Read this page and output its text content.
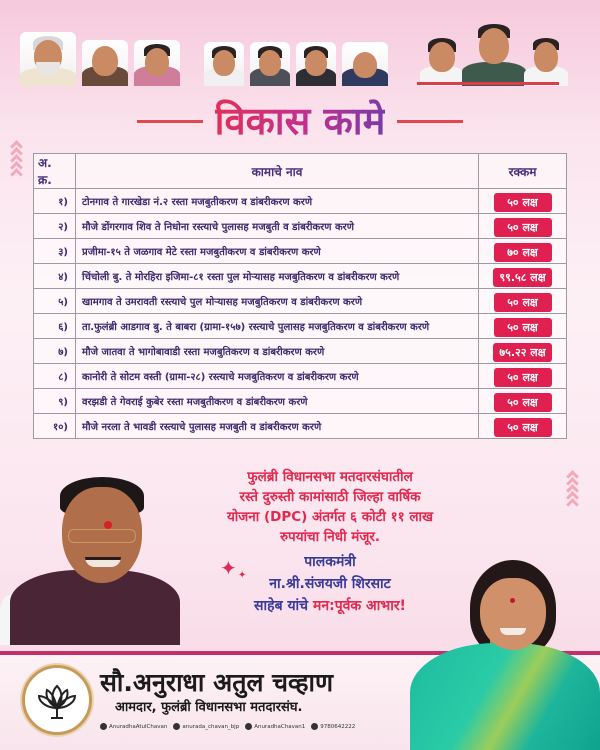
विकास कामे
अ. क्र.	कामाचे नाव	रक्कम
१)	टोनगाव ते गारखेडा नं.२ रस्ता मजबुतीकरण व डांबरीकरण करणे	५० लक्ष
२)	मौजे डोंगरगाव शिव ते निधोना रस्त्याचे पुलासह मजबुती व डांबरीकरण करणे	५० लक्ष
३)	प्रजीमा-१५ ते जळगाव मेटे रस्ता मजबुतीकरण व डांबरीकरण करणे	७० लक्ष
४)	चिंचोली बु. ते मोरहिरा इजिमा-८१ रस्ता पुल मोऱ्यासह मजबुतिकरण व डांबरीकरण करणे	९९.५८ लक्ष
५)	खामगाव ते उमरावती रस्त्याचे पुल मोऱ्यासह मजबुतिकरण व डांबरीकरण करणे	५० लक्ष
६)	ता.फुलंब्री आडगाव बु. ते बाबरा (ग्रामा-१५७) रस्त्याचे पुलासह मजबुतिकरण व डांबरीकरण करणे	५० लक्ष
७)	मौजे जातवा ते भागोबावाडी रस्ता मजबुतिकरण व डांबरीकरण करणे	७५.२२ लक्ष
८)	कानोरी ते सोटम वस्ती (ग्रामा-२८) रस्त्याचे मजबुतिकरण व डांबरीकरण करणे	५० लक्ष
९)	वरझडी ते गेवराई कुबेर रस्ता मजबुतीकरण व डांबरीकरण करणे	५० लक्ष
१०)	मौजे नरला ते भावडी रस्त्याचे पुलासह मजबुती व डांबरीकरण करणे	५० लक्ष
फुलंब्री विधानसभा मतदारसंघातील
रस्ते दुरुस्ती कामांसाठी जिल्हा वार्षिक
योजना (DPC) अंतर्गत ६ कोटी ११ लाख
रुपयांचा निधी मंजूर.
पालकमंत्री
ना.श्री.संजयजी शिरसाट
साहेब यांचे मन:पूर्वक आभार!
✦ ✦
सौ.अनुराधा अतुल चव्हाण
आमदार, फुलंब्री विधानसभा मतदारसंघ.
AnuradhaAtulChavan	anurada_chavan_bjp	AnuradhaChavan1	9780642222
